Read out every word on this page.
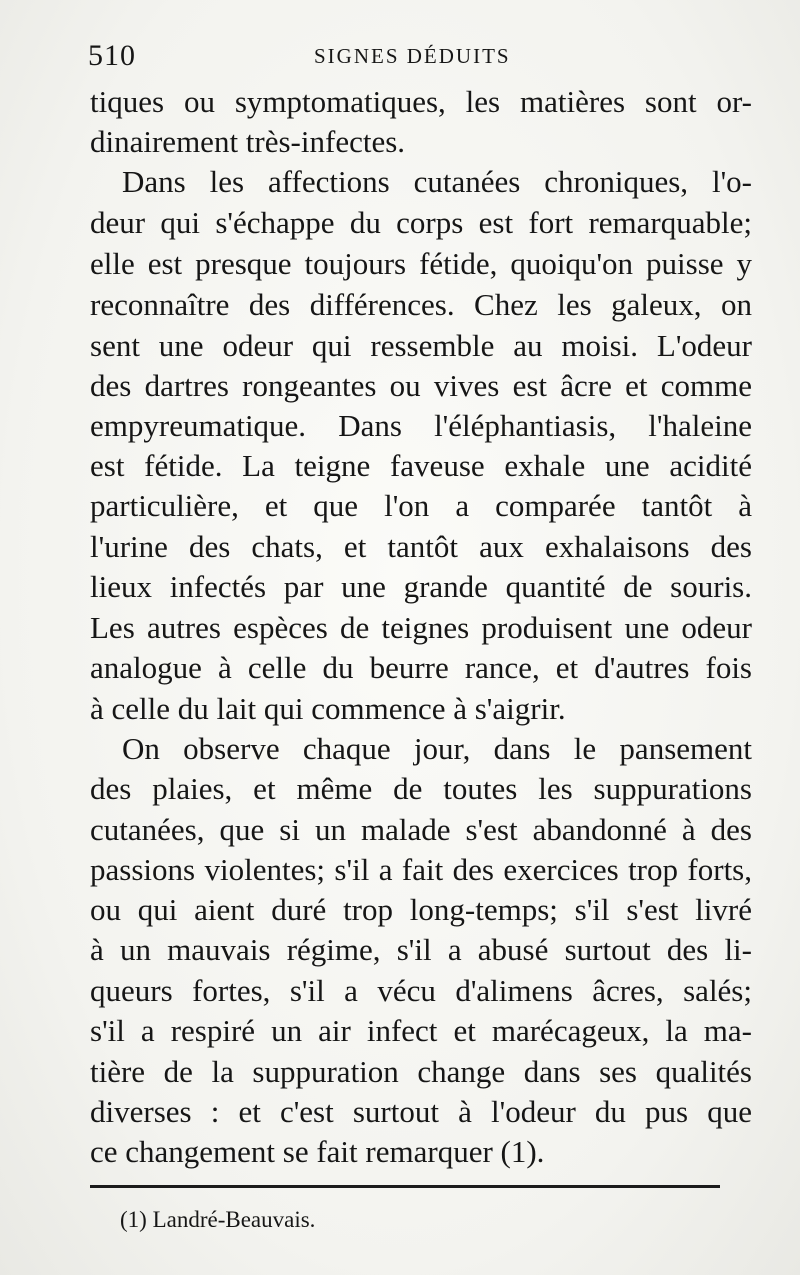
510	SIGNES DÉDUITS
tiques ou symptomatiques, les matières sont or-
dinairement très-infectes.
Dans les affections cutanées chroniques, l'o-
deur qui s'échappe du corps est fort remarquable;
elle est presque toujours fétide, quoiqu'on puisse y
reconnaître des différences. Chez les galeux, on
sent une odeur qui ressemble au moisi. L'odeur
des dartres rongeantes ou vives est âcre et comme
empyreumatique. Dans l'éléphantiasis, l'haleine
est fétide. La teigne faveuse exhale une acidité
particulière, et que l'on a comparée tantôt à
l'urine des chats, et tantôt aux exhalaisons des
lieux infectés par une grande quantité de souris.
Les autres espèces de teignes produisent une odeur
analogue à celle du beurre rance, et d'autres fois
à celle du lait qui commence à s'aigrir.
On observe chaque jour, dans le pansement
des plaies, et même de toutes les suppurations
cutanées, que si un malade s'est abandonné à des
passions violentes; s'il a fait des exercices trop forts,
ou qui aient duré trop long-temps; s'il s'est livré
à un mauvais régime, s'il a abusé surtout des li-
queurs fortes, s'il a vécu d'alimens âcres, salés;
s'il a respiré un air infect et marécageux, la ma-
tière de la suppuration change dans ses qualités
diverses : et c'est surtout à l'odeur du pus que
ce changement se fait remarquer (1).
(1) Landré-Beauvais.
